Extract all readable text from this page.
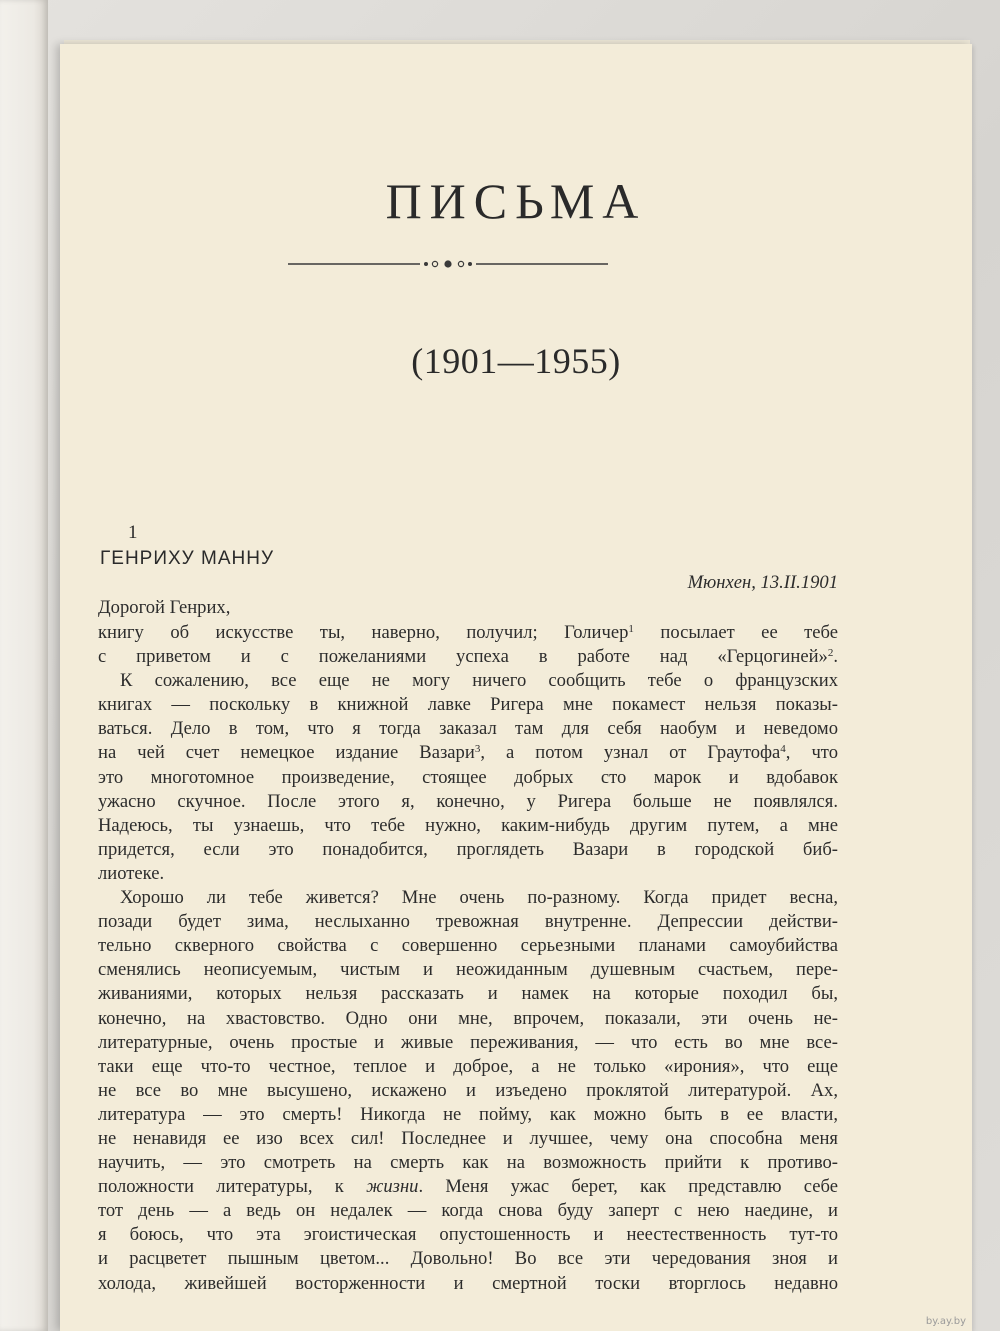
ПИСЬМА
(1901—1955)
1
ГЕНРИХУ МАННУ
Мюнхен, 13.II.1901
Дорогой Генрих,
книгу об искусстве ты, наверно, получил; Голичер$^1$ посылает ее тебе
с приветом и с пожеланиями успеха в работе над «Герцогиней»$^2$.
К сожалению, все еще не могу ничего сообщить тебе о французских
книгах — поскольку в книжной лавке Ригера мне покамест нельзя показы-
ваться. Дело в том, что я тогда заказал там для себя наобум и неведомо
на чей счет немецкое издание Вазари$^3$, а потом узнал от Граутофа$^4$, что
это многотомное произведение, стоящее добрых сто марок и вдобавок
ужасно скучное. После этого я, конечно, у Ригера больше не появлялся.
Надеюсь, ты узнаешь, что тебе нужно, каким-нибудь другим путем, а мне
придется, если это понадобится, проглядеть Вазари в городской биб-
лиотеке.
Хорошо ли тебе живется? Мне очень по-разному. Когда придет весна,
позади будет зима, неслыханно тревожная внутренне. Депрессии действи-
тельно скверного свойства с совершенно серьезными планами самоубийства
сменялись неописуемым, чистым и неожиданным душевным счастьем, пере-
живаниями, которых нельзя рассказать и намек на которые походил бы,
конечно, на хвастовство. Одно они мне, впрочем, показали, эти очень не-
литературные, очень простые и живые переживания, — что есть во мне все-
таки еще что-то честное, теплое и доброе, а не только «ирония», что еще
не все во мне высушено, искажено и изъедено проклятой литературой. Ах,
литература — это смерть! Никогда не пойму, как можно быть в ее власти,
не ненавидя ее изо всех сил! Последнее и лучшее, чему она способна меня
научить, — это смотреть на смерть как на возможность прийти к противо-
положности литературы, к жизни. Меня ужас берет, как представлю себе
тот день — а ведь он недалек — когда снова буду заперт с нею наедине, и
я боюсь, что эта эгоистическая опустошенность и неестественность тут-то
и расцветет пышным цветом... Довольно! Во все эти чередования зноя и
холода, живейшей восторженности и смертной тоски вторглось недавно
by.ay.by
